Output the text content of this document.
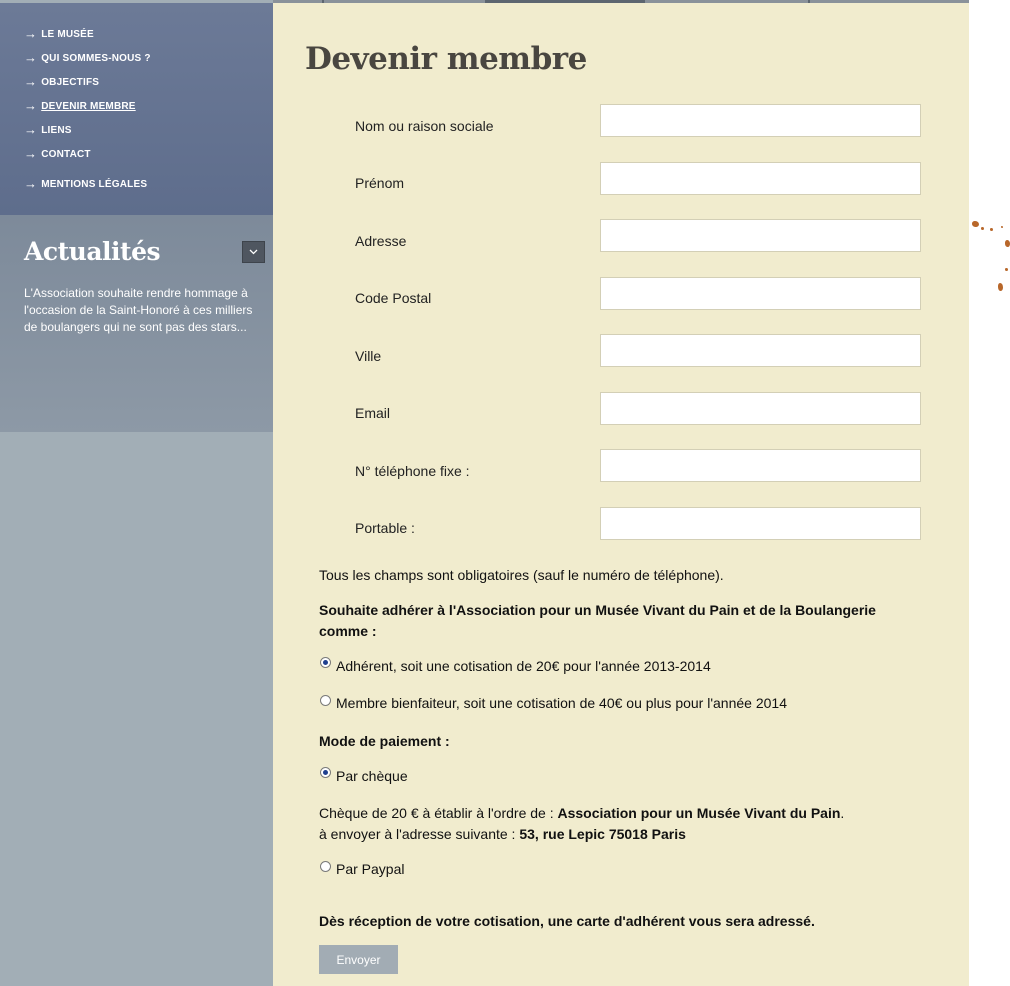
→ LE MUSÉE
→ QUI SOMMES-NOUS ?
→ OBJECTIFS
→ DEVENIR MEMBRE
→ LIENS
→ CONTACT
→ MENTIONS LÉGALES
Actualités

L'Association souhaite rendre hommage à l'occasion de la Saint-Honoré à ces milliers de boulangers qui ne sont pas des stars...

Devenir membre
Nom ou raison sociale
Prénom
Adresse
Code Postal
Ville
Email
N° téléphone fixe :
Portable :
Tous les champs sont obligatoires (sauf le numéro de téléphone).
Souhaite adhérer à l'Association pour un Musée Vivant du Pain et de la Boulangerie
comme :
Adhérent, soit une cotisation de 20€ pour l'année 2013-2014
Membre bienfaiteur, soit une cotisation de 40€ ou plus pour l'année 2014
Mode de paiement :
Par chèque
Chèque de 20 € à établir à l'ordre de : Association pour un Musée Vivant du Pain.
à envoyer à l'adresse suivante : 53, rue Lepic 75018 Paris
Par Paypal
Dès réception de votre cotisation, une carte d'adhérent vous sera adressé.
Envoyer
